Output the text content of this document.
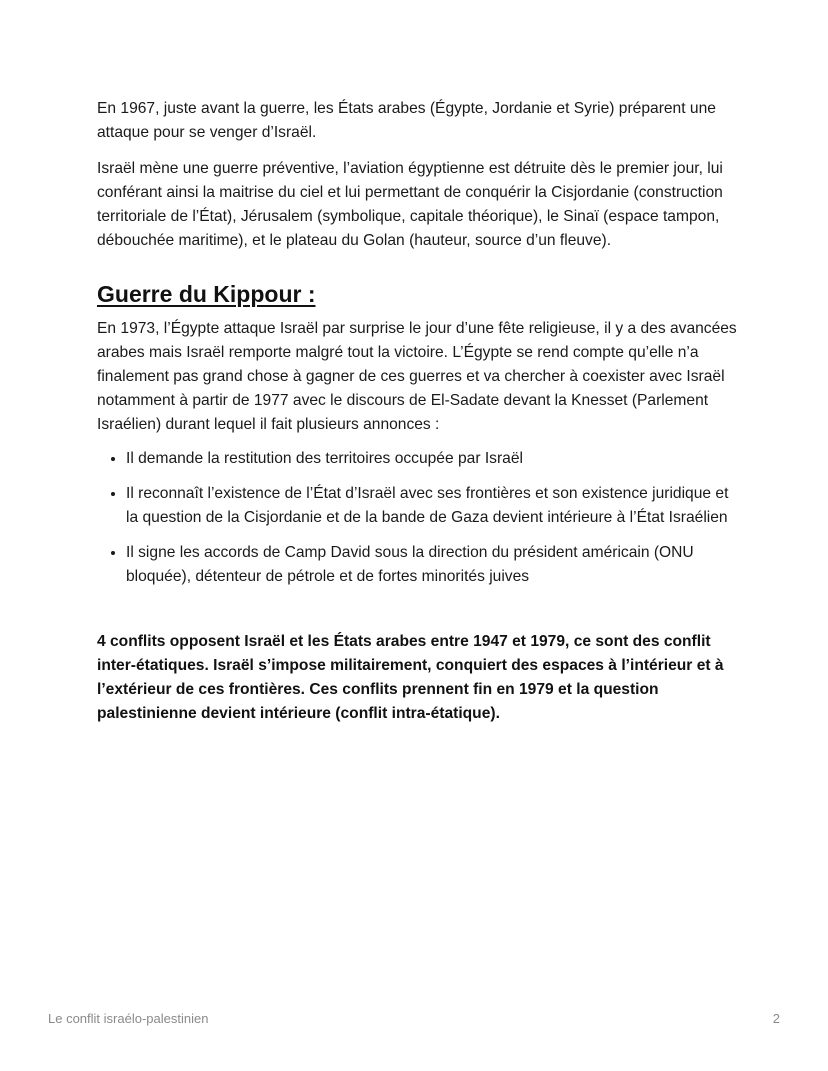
En 1967, juste avant la guerre, les États arabes (Égypte, Jordanie et Syrie) préparent une attaque pour se venger d’Israël.

Israël mène une guerre préventive, l’aviation égyptienne est détruite dès le premier jour, lui conférant ainsi la maitrise du ciel et lui permettant de conquérir la Cisjordanie (construction territoriale de l’État), Jérusalem (symbolique, capitale théorique), le Sinaï (espace tampon, débouchée maritime), et le plateau du Golan (hauteur, source d’un fleuve).

Guerre du Kippour :

En 1973, l’Égypte attaque Israël par surprise le jour d’une fête religieuse, il y a des avancées arabes mais Israël remporte malgré tout la victoire. L’Égypte se rend compte qu’elle n’a finalement pas grand chose à gagner de ces guerres et va chercher à coexister avec Israël notamment à partir de 1977 avec le discours de El-Sadate devant la Knesset (Parlement Israélien) durant lequel il fait plusieurs annonces :

• Il demande la restitution des territoires occupée par Israël
• Il reconnaît l’existence de l’État d’Israël avec ses frontières et son existence juridique et la question de la Cisjordanie et de la bande de Gaza devient intérieure à l’État Israélien
• Il signe les accords de Camp David sous la direction du président américain (ONU bloquée), détenteur de pétrole et de fortes minorités juives

4 conflits opposent Israël et les États arabes entre 1947 et 1979, ce sont des conflit inter-étatiques. Israël s’impose militairement, conquiert des espaces à l’intérieur et à l’extérieur de ces frontières. Ces conflits prennent fin en 1979 et la question palestinienne devient intérieure (conflit intra-étatique).

Le conflit israélo-palestinien	2
